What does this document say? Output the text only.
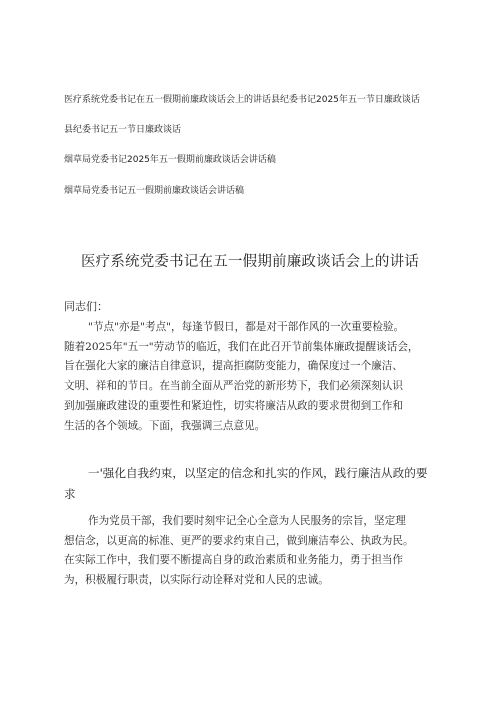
医疗系统党委书记在五一假期前廉政谈话会上的讲话县纪委书记2025年五一节日廉政谈话

县纪委书记五一节日廉政谈话

烟草局党委书记2025年五一假期前廉政谈话会讲话稿

烟草局党委书记五一假期前廉政谈话会讲话稿

医疗系统党委书记在五一假期前廉政谈话会上的讲话
同志们：
"节点"亦是"考点"，每逢节假日，都是对干部作风的一次重要检验。
随着2025年"五一"劳动节的临近，我们在此召开节前集体廉政提醒谈话会，
旨在强化大家的廉洁自律意识，提高拒腐防变能力，确保度过一个廉洁、
文明、祥和的节日。在当前全面从严治党的新形势下，我们必须深刻认识
到加强廉政建设的重要性和紧迫性，切实将廉洁从政的要求贯彻到工作和
生活的各个领域。下面，我强调三点意见。
一'强化自我约束，以坚定的信念和扎实的作风，践行廉洁从政的要
求
作为党员干部，我们要时刻牢记全心全意为人民服务的宗旨，坚定理
想信念，以更高的标准、更严的要求约束自己，做到廉洁奉公、执政为民。
在实际工作中，我们要不断提高自身的政治素质和业务能力，勇于担当作
为，积极履行职责，以实际行动诠释对党和人民的忠诚。
